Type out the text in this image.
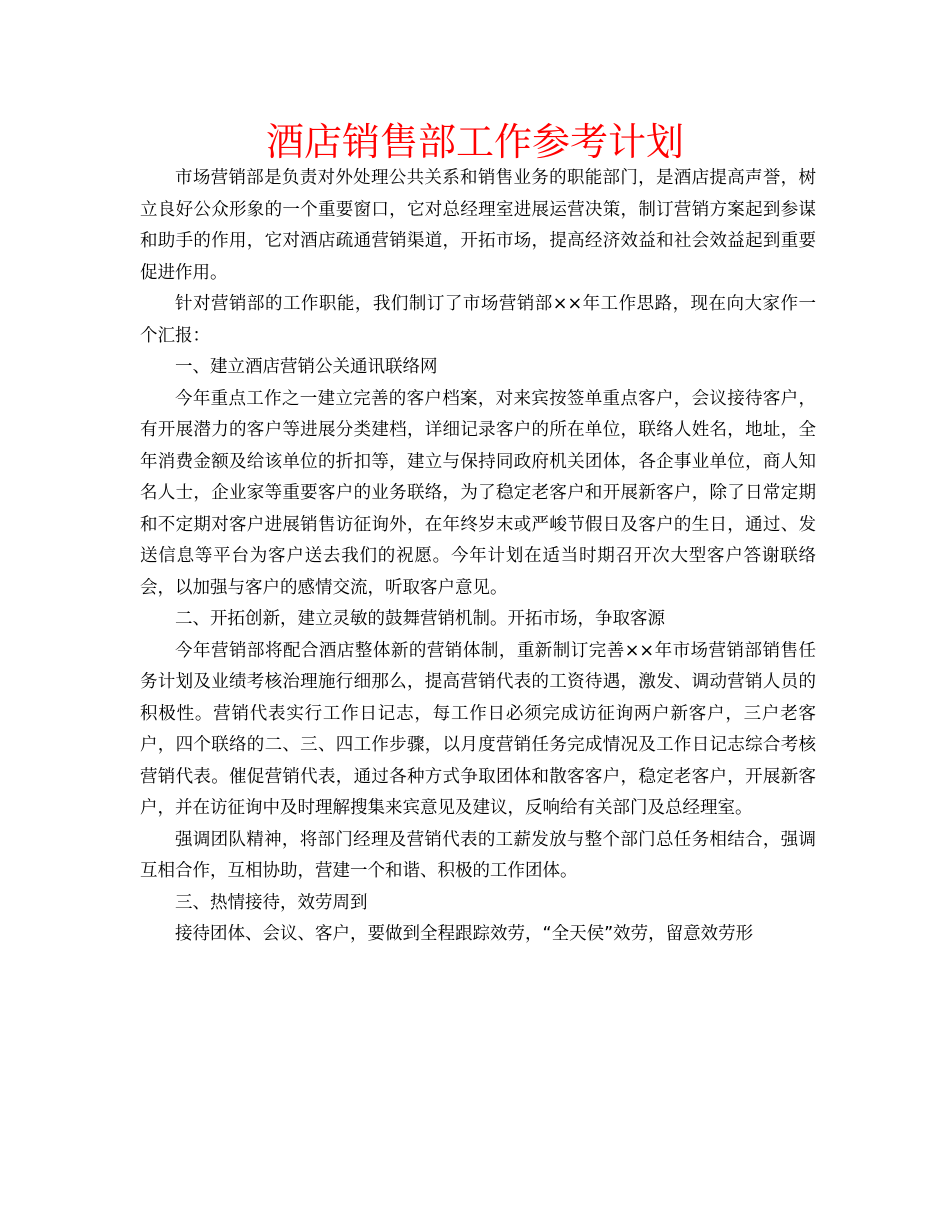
酒店销售部工作参考计划

市场营销部是负责对外处理公共关系和销售业务的职能部门，是酒店提高声誉，树立良好公众形象的一个重要窗口，它对总经理室进展运营决策，制订营销方案起到参谋和助手的作用，它对酒店疏通营销渠道，开拓市场，提高经济效益和社会效益起到重要促进作用。

针对营销部的工作职能，我们制订了市场营销部××年工作思路，现在向大家作一个汇报：

一、建立酒店营销公关通讯联络网

今年重点工作之一建立完善的客户档案，对来宾按签单重点客户，会议接待客户，有开展潜力的客户等进展分类建档，详细记录客户的所在单位，联络人姓名，地址，全年消费金额及给该单位的折扣等，建立与保持同政府机关团体，各企事业单位，商人知名人士，企业家等重要客户的业务联络，为了稳定老客户和开展新客户，除了日常定期和不定期对客户进展销售访征询外，在年终岁末或严峻节假日及客户的生日，通过、发送信息等平台为客户送去我们的祝愿。今年计划在适当时期召开次大型客户答谢联络会，以加强与客户的感情交流，听取客户意见。

二、开拓创新，建立灵敏的鼓舞营销机制。开拓市场，争取客源

今年营销部将配合酒店整体新的营销体制，重新制订完善××年市场营销部销售任务计划及业绩考核治理施行细那么，提高营销代表的工资待遇，激发、调动营销人员的积极性。营销代表实行工作日记志，每工作日必须完成访征询两户新客户，三户老客户，四个联络的二、三、四工作步骤，以月度营销任务完成情况及工作日记志综合考核营销代表。催促营销代表，通过各种方式争取团体和散客客户，稳定老客户，开展新客户，并在访征询中及时理解搜集来宾意见及建议，反响给有关部门及总经理室。

强调团队精神，将部门经理及营销代表的工薪发放与整个部门总任务相结合，强调互相合作，互相协助，营建一个和谐、积极的工作团体。

三、热情接待，效劳周到

接待团体、会议、客户，要做到全程跟踪效劳，“全天侯”效劳，留意效劳形
